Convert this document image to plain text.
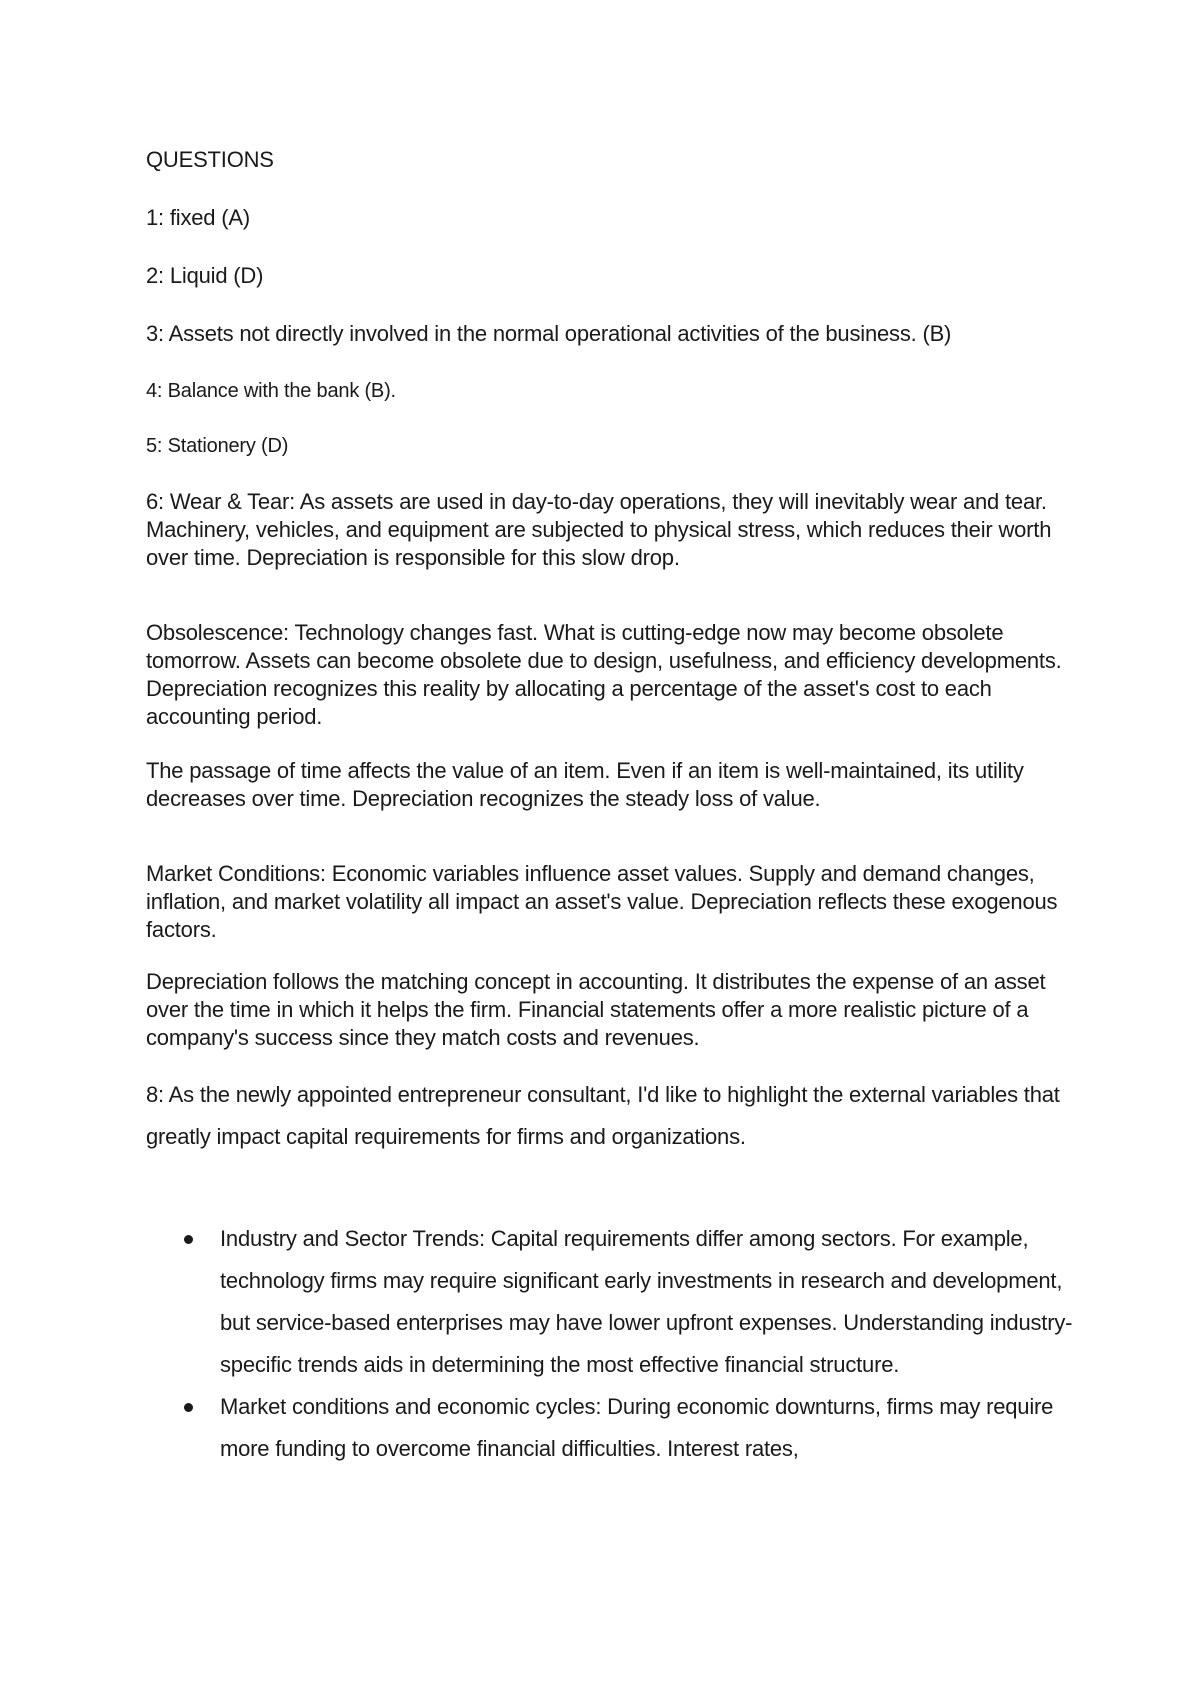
QUESTIONS

1: fixed (A)

2: Liquid (D)

3: Assets not directly involved in the normal operational activities of the business. (B)

4: Balance with the bank (B).

5: Stationery (D)

6: Wear & Tear: As assets are used in day-to-day operations, they will inevitably wear and tear. Machinery, vehicles, and equipment are subjected to physical stress, which reduces their worth over time. Depreciation is responsible for this slow drop.

Obsolescence: Technology changes fast. What is cutting-edge now may become obsolete tomorrow. Assets can become obsolete due to design, usefulness, and efficiency developments. Depreciation recognizes this reality by allocating a percentage of the asset's cost to each accounting period.

The passage of time affects the value of an item. Even if an item is well-maintained, its utility decreases over time. Depreciation recognizes the steady loss of value.

Market Conditions: Economic variables influence asset values. Supply and demand changes, inflation, and market volatility all impact an asset's value. Depreciation reflects these exogenous factors.

Depreciation follows the matching concept in accounting. It distributes the expense of an asset over the time in which it helps the firm. Financial statements offer a more realistic picture of a company's success since they match costs and revenues.

8: As the newly appointed entrepreneur consultant, I'd like to highlight the external variables that greatly impact capital requirements for firms and organizations.

Industry and Sector Trends: Capital requirements differ among sectors. For example, technology firms may require significant early investments in research and development, but service-based enterprises may have lower upfront expenses. Understanding industry-specific trends aids in determining the most effective financial structure.
Market conditions and economic cycles: During economic downturns, firms may require more funding to overcome financial difficulties. Interest rates,
